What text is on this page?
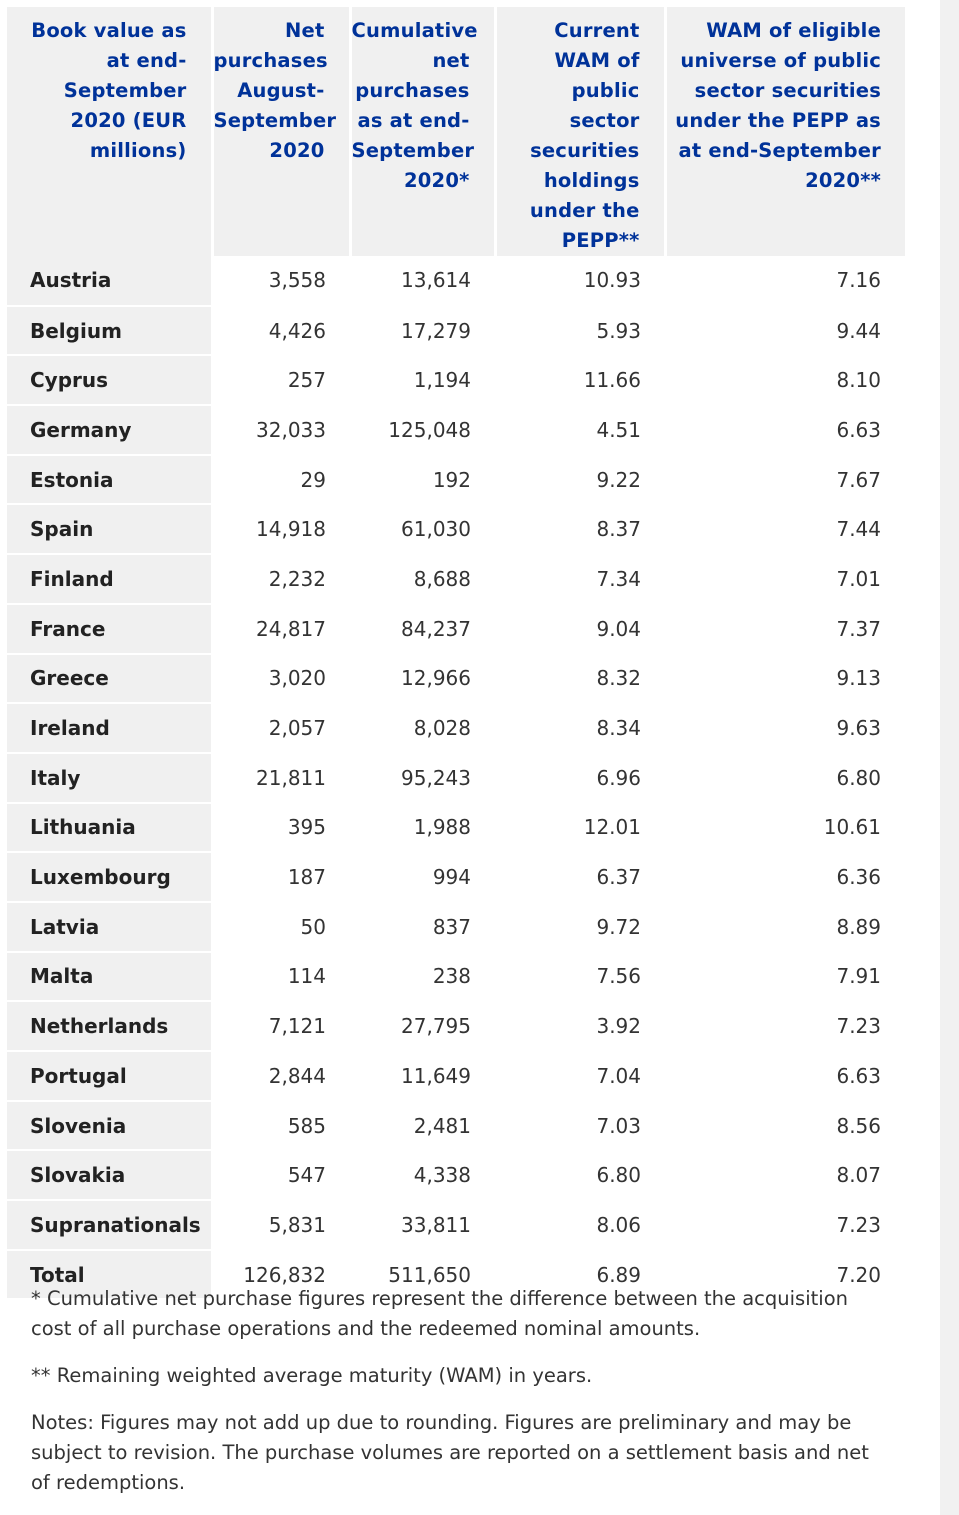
Book value as at end-September 2020 (EUR millions)	Net purchases August-September 2020	Cumulative net purchases as at end-September 2020*	Current WAM of public sector securities holdings under the PEPP**	WAM of eligible universe of public sector securities under the PEPP as at end-September 2020**
Austria	3,558	13,614	10.93	7.16
Belgium	4,426	17,279	5.93	9.44
Cyprus	257	1,194	11.66	8.10
Germany	32,033	125,048	4.51	6.63
Estonia	29	192	9.22	7.67
Spain	14,918	61,030	8.37	7.44
Finland	2,232	8,688	7.34	7.01
France	24,817	84,237	9.04	7.37
Greece	3,020	12,966	8.32	9.13
Ireland	2,057	8,028	8.34	9.63
Italy	21,811	95,243	6.96	6.80
Lithuania	395	1,988	12.01	10.61
Luxembourg	187	994	6.37	6.36
Latvia	50	837	9.72	8.89
Malta	114	238	7.56	7.91
Netherlands	7,121	27,795	3.92	7.23
Portugal	2,844	11,649	7.04	6.63
Slovenia	585	2,481	7.03	8.56
Slovakia	547	4,338	6.80	8.07
Supranationals	5,831	33,811	8.06	7.23
Total	126,832	511,650	6.89	7.20

* Cumulative net purchase figures represent the difference between the acquisition cost of all purchase operations and the redeemed nominal amounts.

** Remaining weighted average maturity (WAM) in years.

Notes: Figures may not add up due to rounding. Figures are preliminary and may be subject to revision. The purchase volumes are reported on a settlement basis and net of redemptions.
